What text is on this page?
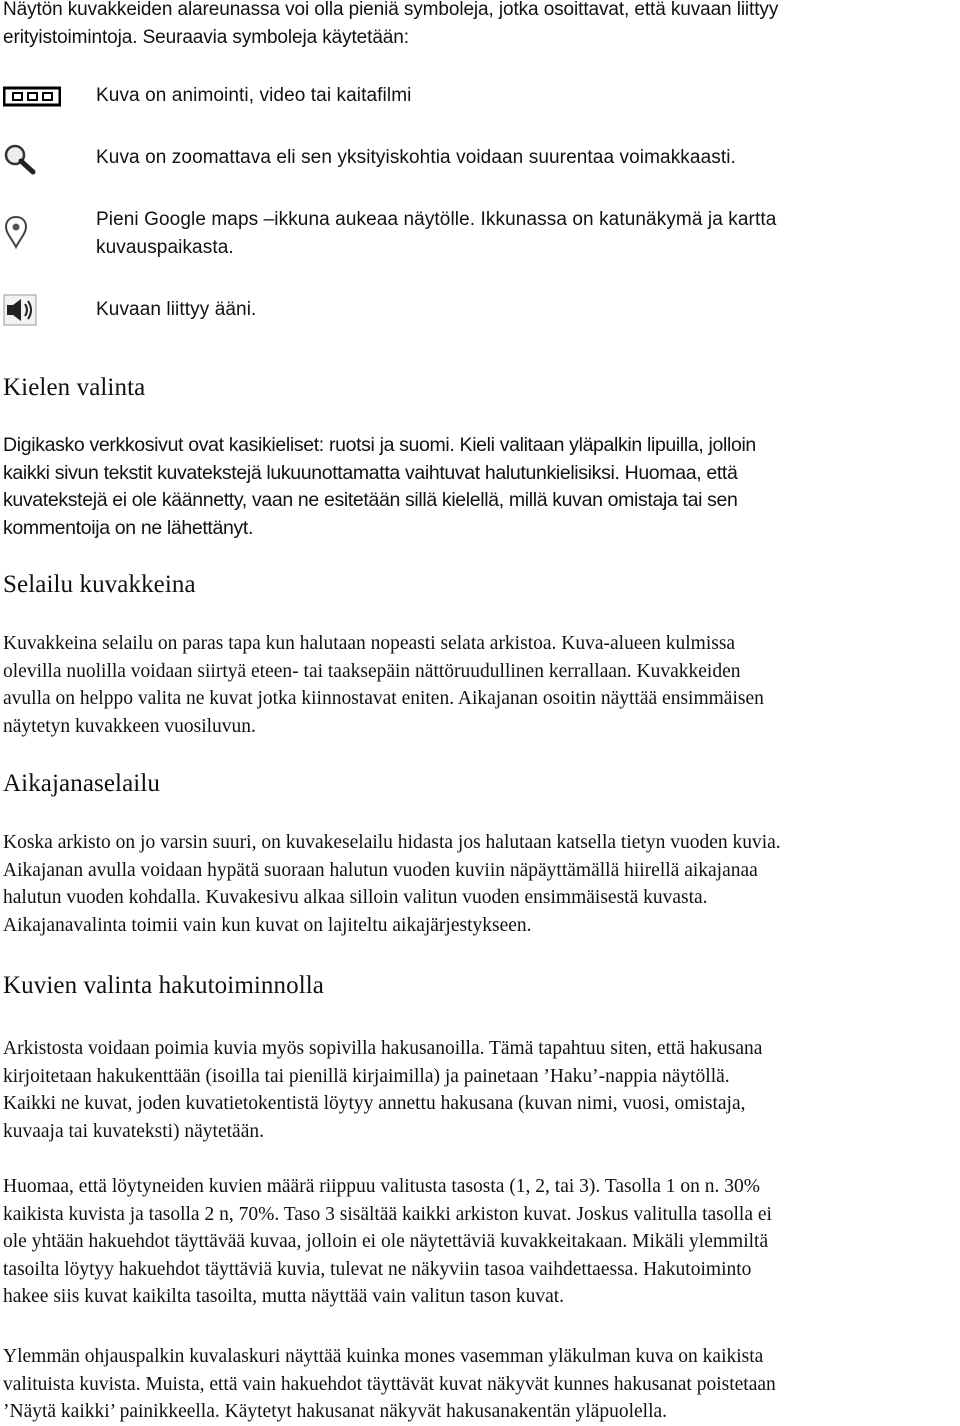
Näytön kuvakkeiden alareunassa voi olla pieniä symboleja, jotka osoittavat, että kuvaan liittyy
erityistoimintoja. Seuraavia symboleja käytetään:
Kuva on animointi, video tai kaitafilmi
Kuva on zoomattava eli sen yksityiskohtia voidaan suurentaa voimakkaasti.
Pieni Google maps –ikkuna aukeaa näytölle. Ikkunassa on katunäkymä ja kartta
kuvauspaikasta.
Kuvaan liittyy ääni.
Kielen valinta
Digikasko verkkosivut ovat kasikieliset: ruotsi ja suomi. Kieli valitaan yläpalkin lipuilla, jolloin
kaikki sivun tekstit kuvatekstejä lukuunottamatta vaihtuvat halutunkielisiksi. Huomaa, että
kuvatekstejä ei ole käännetty, vaan ne esitetään sillä kielellä, millä kuvan omistaja tai sen
kommentoija on ne lähettänyt.
Selailu kuvakkeina
Kuvakkeina selailu on paras tapa kun halutaan nopeasti selata arkistoa. Kuva-alueen kulmissa
olevilla nuolilla voidaan siirtyä eteen- tai taaksepäin nättöruudullinen kerrallaan. Kuvakkeiden
avulla on helppo valita ne kuvat jotka kiinnostavat eniten. Aikajanan osoitin näyttää ensimmäisen
näytetyn kuvakkeen vuosiluvun.
Aikajanaselailu
Koska arkisto on jo varsin suuri, on kuvakeselailu hidasta jos halutaan katsella tietyn vuoden kuvia.
Aikajanan avulla voidaan hypätä suoraan halutun vuoden kuviin näpäyttämällä hiirellä aikajanaa
halutun vuoden kohdalla. Kuvakesivu alkaa silloin valitun vuoden ensimmäisestä kuvasta.
Aikajanavalinta toimii vain kun kuvat on lajiteltu aikajärjestykseen.
Kuvien valinta hakutoiminnolla
Arkistosta voidaan poimia kuvia myös sopivilla hakusanoilla. Tämä tapahtuu siten, että hakusana
kirjoitetaan hakukenttään (isoilla tai pienillä kirjaimilla) ja painetaan ’Haku’-nappia näytöllä.
Kaikki ne kuvat, joden kuvatietokentistä löytyy annettu hakusana (kuvan nimi, vuosi, omistaja,
kuvaaja tai kuvateksti) näytetään.
Huomaa, että löytyneiden kuvien määrä riippuu valitusta tasosta (1, 2, tai 3). Tasolla 1 on n. 30%
kaikista kuvista ja tasolla 2 n, 70%. Taso 3 sisältää kaikki arkiston kuvat. Joskus valitulla tasolla ei
ole yhtään hakuehdot täyttävää kuvaa, jolloin ei ole näytettäviä kuvakkeitakaan. Mikäli ylemmiltä
tasoilta löytyy hakuehdot täyttäviä kuvia, tulevat ne näkyviin tasoa vaihdettaessa. Hakutoiminto
hakee siis kuvat kaikilta tasoilta, mutta näyttää vain valitun tason kuvat.
Ylemmän ohjauspalkin kuvalaskuri näyttää kuinka mones vasemman yläkulman kuva on kaikista
valituista kuvista. Muista, että vain hakuehdot täyttävät kuvat näkyvät kunnes hakusanat poistetaan
’Näytä kaikki’ painikkeella. Käytetyt hakusanat näkyvät hakusanakentän yläpuolella.
